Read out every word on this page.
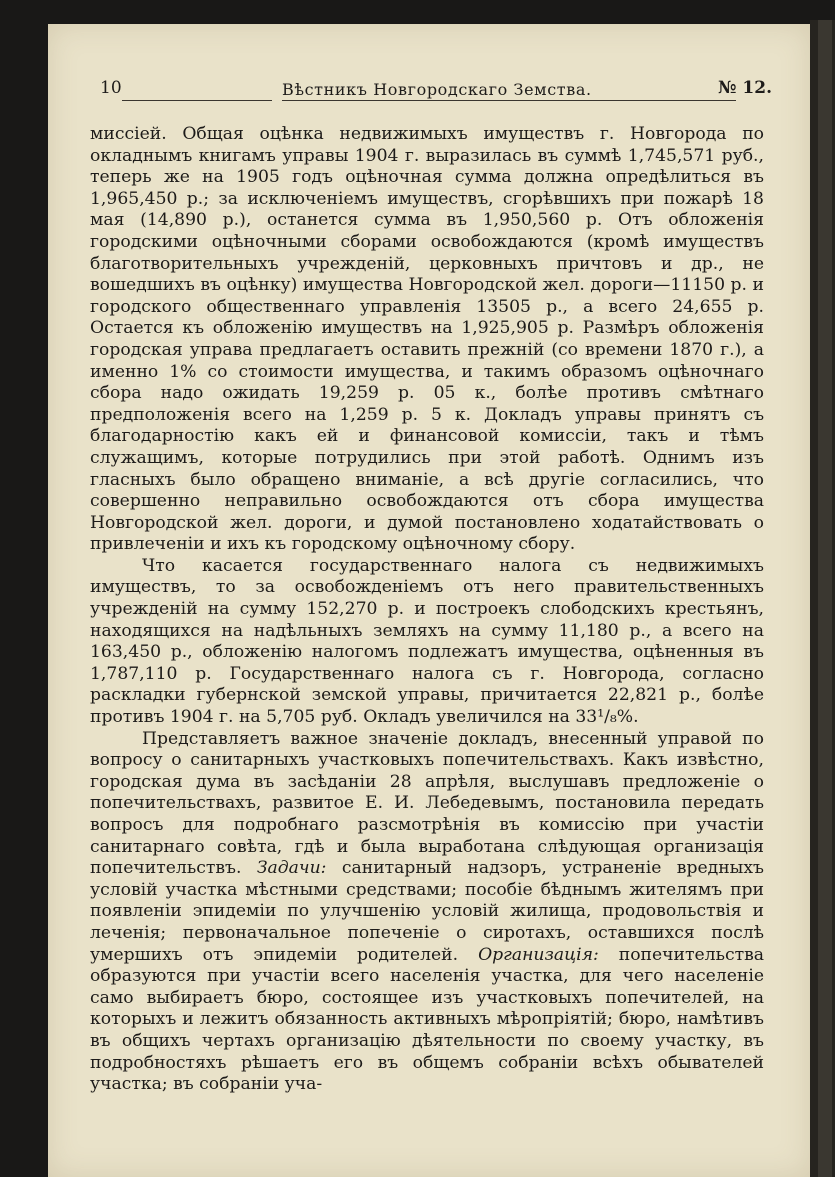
10	Вѣстникъ Новгородскаго Земства.	№ 12.

миссіей. Общая оцѣнка недвижимыхъ имуществъ г. Новгорода по окладнымъ книгамъ управы 1904 г. выразилась въ суммѣ 1,745,571 руб., теперь же на 1905 годъ оцѣночная сумма должна опредѣлиться въ 1,965,450 р.; за исключеніемъ имуществъ, сгорѣвшихъ при пожарѣ 18 мая (14,890 р.), останется сумма въ 1,950,560 р. Отъ обложенія городскими оцѣночными сборами освобождаются (кромѣ имуществъ благотворительныхъ учрежденій, церковныхъ причтовъ и др., не вошедшихъ въ оцѣнку) имущества Новгородской жел. дороги—11150 р. и городского общественнаго управленія 13505 р., а всего 24,655 р. Остается къ обложенію имуществъ на 1,925,905 р. Размѣръ обложенія городская управа предлагаетъ оставить прежній (со времени 1870 г.), а именно 1% со стоимости имущества, и такимъ образомъ оцѣночнаго сбора надо ожидать 19,259 р. 05 к., болѣе противъ смѣтнаго предположенія всего на 1,259 р. 5 к. Докладъ управы принятъ съ благодарностію какъ ей и финансовой комиссіи, такъ и тѣмъ служащимъ, которые потрудились при этой работѣ. Однимъ изъ гласныхъ было обращено вниманіе, а всѣ другіе согласились, что совершенно неправильно освобождаются отъ сбора имущества Новгородской жел. дороги, и думой постановлено ходатайствовать о привлеченіи и ихъ къ городскому оцѣночному сбору.

Что касается государственнаго налога съ недвижимыхъ имуществъ, то за освобожденіемъ отъ него правительственныхъ учрежденій на сумму 152,270 р. и построекъ слободскихъ крестьянъ, находящихся на надѣльныхъ земляхъ на сумму 11,180 р., а всего на 163,450 р., обложенію налогомъ подлежатъ имущества, оцѣненныя въ 1,787,110 р. Государственнаго налога съ г. Новгорода, согласно раскладки губернской земской управы, причитается 22,821 р., болѣе противъ 1904 г. на 5,705 руб. Окладъ увеличился на 33¹/₈%.

Представляетъ важное значеніе докладъ, внесенный управой по вопросу о санитарныхъ участковыхъ попечительствахъ. Какъ извѣстно, городская дума въ засѣданіи 28 апрѣля, выслушавъ предложеніе о попечительствахъ, развитое Е. И. Лебедевымъ, постановила передать вопросъ для подробнаго разсмотрѣнія въ комиссію при участіи санитарнаго совѣта, гдѣ и была выработана слѣдующая организація попечительствъ. Задачи: санитарный надзоръ, устраненіе вредныхъ условій участка мѣстными средствами; пособіе бѣднымъ жителямъ при появленіи эпидеміи по улучшенію условій жилища, продовольствія и леченія; первоначальное попеченіе о сиротахъ, оставшихся послѣ умершихъ отъ эпидеміи родителей. Организація: попечительства образуются при участіи всего населенія участка, для чего населеніе само выбираетъ бюро, состоящее изъ участковыхъ попечителей, на которыхъ и лежитъ обязанность активныхъ мѣропріятій; бюро, намѣтивъ въ общихъ чертахъ организацію дѣятельности по своему участку, въ подробностяхъ рѣшаетъ его въ общемъ собраніи всѣхъ обывателей участка; въ собраніи уча-
